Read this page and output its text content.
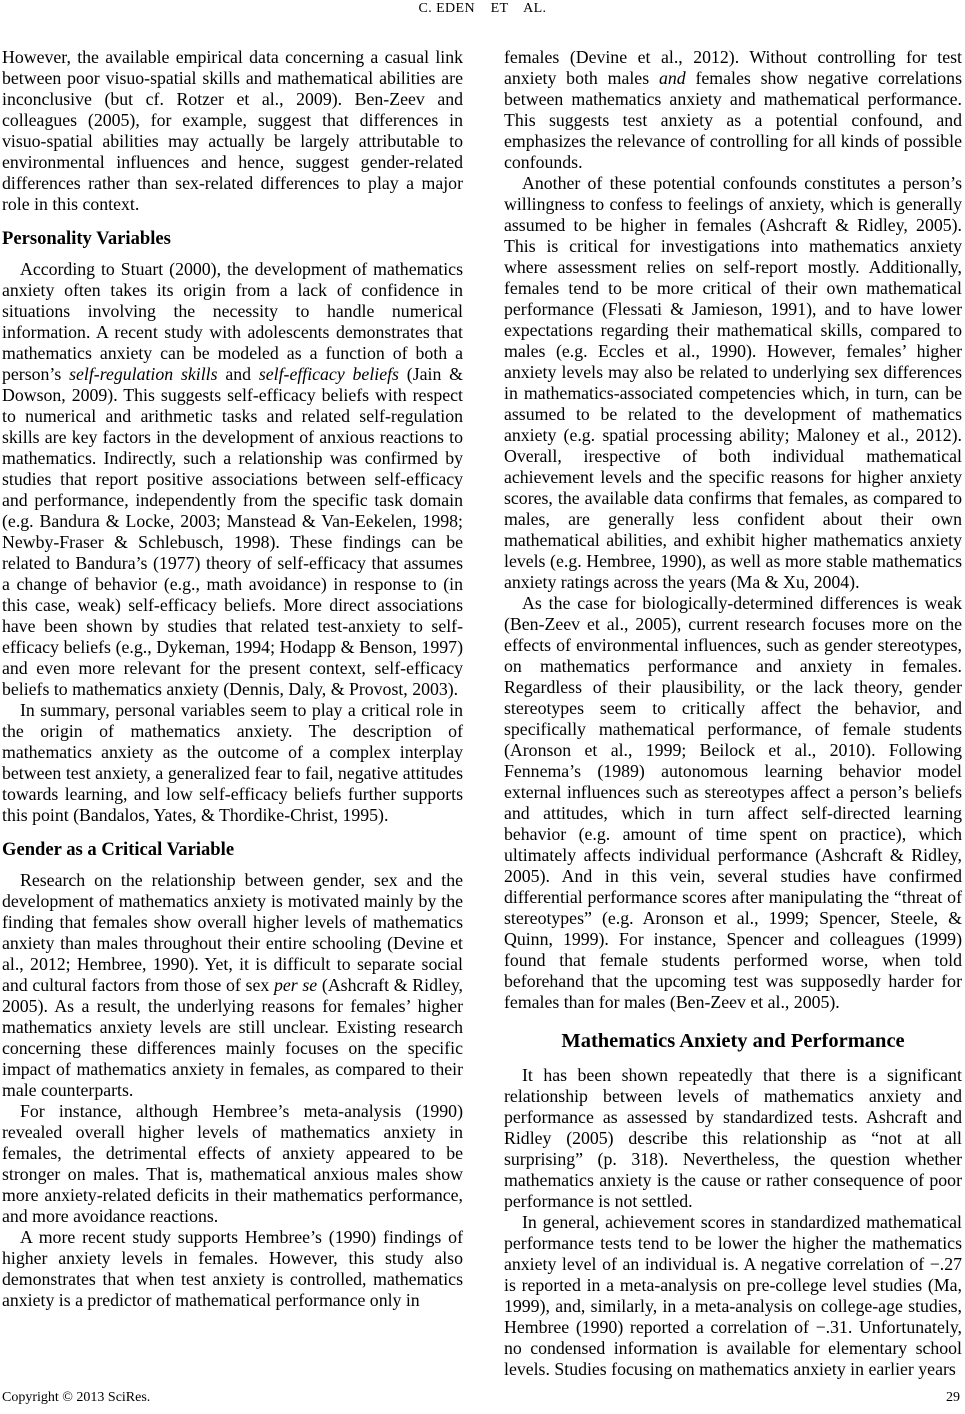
C. EDEN    ET    AL.

However, the available empirical data concerning a casual link between poor visuo-spatial skills and mathematical abilities are inconclusive (but cf. Rotzer et al., 2009). Ben-Zeev and colleagues (2005), for example, suggest that differences in visuo-spatial abilities may actually be largely attributable to environmental influences and hence, suggest gender-related differences rather than sex-related differences to play a major role in this context.

Personality Variables

According to Stuart (2000), the development of mathematics anxiety often takes its origin from a lack of confidence in situations involving the necessity to handle numerical information. A recent study with adolescents demonstrates that mathematics anxiety can be modeled as a function of both a person’s self-regulation skills and self-efficacy beliefs (Jain & Dowson, 2009). This suggests self-efficacy beliefs with respect to numerical and arithmetic tasks and related self-regulation skills are key factors in the development of anxious reactions to mathematics. Indirectly, such a relationship was confirmed by studies that report positive associations between self-efficacy and performance, independently from the specific task domain (e.g. Bandura & Locke, 2003; Manstead & Van-Eekelen, 1998; Newby-Fraser & Schlebusch, 1998). These findings can be related to Bandura’s (1977) theory of self-efficacy that assumes a change of behavior (e.g., math avoidance) in response to (in this case, weak) self-efficacy beliefs. More direct associations have been shown by studies that related test-anxiety to self-efficacy beliefs (e.g., Dykeman, 1994; Hodapp & Benson, 1997) and even more relevant for the present context, self-efficacy beliefs to mathematics anxiety (Dennis, Daly, & Provost, 2003).

In summary, personal variables seem to play a critical role in the origin of mathematics anxiety. The description of mathematics anxiety as the outcome of a complex interplay between test anxiety, a generalized fear to fail, negative attitudes towards learning, and low self-efficacy beliefs further supports this point (Bandalos, Yates, & Thordike-Christ, 1995).

Gender as a Critical Variable

Research on the relationship between gender, sex and the development of mathematics anxiety is motivated mainly by the finding that females show overall higher levels of mathematics anxiety than males throughout their entire schooling (Devine et al., 2012; Hembree, 1990). Yet, it is difficult to separate social and cultural factors from those of sex per se (Ashcraft & Ridley, 2005). As a result, the underlying reasons for females’ higher mathematics anxiety levels are still unclear. Existing research concerning these differences mainly focuses on the specific impact of mathematics anxiety in females, as compared to their male counterparts.

For instance, although Hembree’s meta-analysis (1990) revealed overall higher levels of mathematics anxiety in females, the detrimental effects of anxiety appeared to be stronger on males. That is, mathematical anxious males show more anxiety-related deficits in their mathematics performance, and more avoidance reactions.

A more recent study supports Hembree’s (1990) findings of higher anxiety levels in females. However, this study also demonstrates that when test anxiety is controlled, mathematics anxiety is a predictor of mathematical performance only in

females (Devine et al., 2012). Without controlling for test anxiety both males and females show negative correlations between mathematics anxiety and mathematical performance. This suggests test anxiety as a potential confound, and emphasizes the relevance of controlling for all kinds of possible confounds.

Another of these potential confounds constitutes a person’s willingness to confess to feelings of anxiety, which is generally assumed to be higher in females (Ashcraft & Ridley, 2005). This is critical for investigations into mathematics anxiety where assessment relies on self-report mostly. Additionally, females tend to be more critical of their own mathematical performance (Flessati & Jamieson, 1991), and to have lower expectations regarding their mathematical skills, compared to males (e.g. Eccles et al., 1990). However, females’ higher anxiety levels may also be related to underlying sex differences in mathematics-associated competencies which, in turn, can be assumed to be related to the development of mathematics anxiety (e.g. spatial processing ability; Maloney et al., 2012). Overall, irespective of both individual mathematical achievement levels and the specific reasons for higher anxiety scores, the available data confirms that females, as compared to males, are generally less confident about their own mathematical abilities, and exhibit higher mathematics anxiety levels (e.g. Hembree, 1990), as well as more stable mathematics anxiety ratings across the years (Ma & Xu, 2004).

As the case for biologically-determined differences is weak (Ben-Zeev et al., 2005), current research focuses more on the effects of environmental influences, such as gender stereotypes, on mathematics performance and anxiety in females. Regardless of their plausibility, or the lack theory, gender stereotypes seem to critically affect the behavior, and specifically mathematical performance, of female students (Aronson et al., 1999; Beilock et al., 2010). Following Fennema’s (1989) autonomous learning behavior model external influences such as stereotypes affect a person’s beliefs and attitudes, which in turn affect self-directed learning behavior (e.g. amount of time spent on practice), which ultimately affects individual performance (Ashcraft & Ridley, 2005). And in this vein, several studies have confirmed differential performance scores after manipulating the “threat of stereotypes” (e.g. Aronson et al., 1999; Spencer, Steele, & Quinn, 1999). For instance, Spencer and colleagues (1999) found that female students performed worse, when told beforehand that the upcoming test was supposedly harder for females than for males (Ben-Zeev et al., 2005).

Mathematics Anxiety and Performance

It has been shown repeatedly that there is a significant relationship between levels of mathematics anxiety and performance as assessed by standardized tests. Ashcraft and Ridley (2005) describe this relationship as “not at all surprising” (p. 318). Nevertheless, the question whether mathematics anxiety is the cause or rather consequence of poor performance is not settled.

In general, achievement scores in standardized mathematical performance tests tend to be lower the higher the mathematics anxiety level of an individual is. A negative correlation of −.27 is reported in a meta-analysis on pre-college level studies (Ma, 1999), and, similarly, in a meta-analysis on college-age studies, Hembree (1990) reported a correlation of −.31. Unfortunately, no condensed information is available for elementary school levels. Studies focusing on mathematics anxiety in earlier years

Copyright © 2013 SciRes.	29
